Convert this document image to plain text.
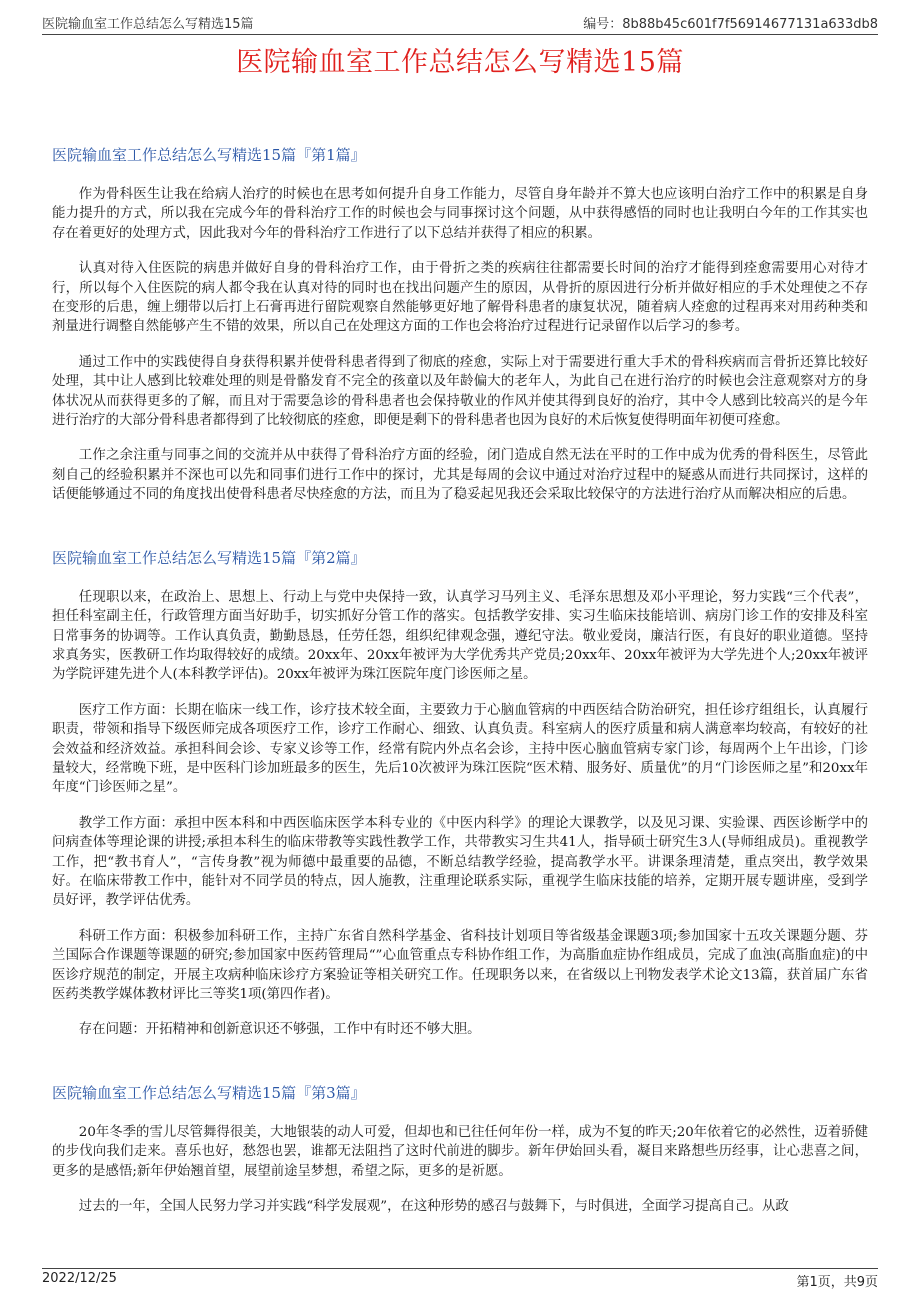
医院输血室工作总结怎么写精选15篇	编号：8b88b45c601f7f56914677131a633db8
医院输血室工作总结怎么写精选15篇
医院输血室工作总结怎么写精选15篇『第1篇』

作为骨科医生让我在给病人治疗的时候也在思考如何提升自身工作能力，尽管自身年龄并不算大也应该明白治疗工作中的积累是自身能力提升的方式，所以我在完成今年的骨科治疗工作的时候也会与同事探讨这个问题，从中获得感悟的同时也让我明白今年的工作其实也存在着更好的处理方式，因此我对今年的骨科治疗工作进行了以下总结并获得了相应的积累。

认真对待入住医院的病患并做好自身的骨科治疗工作，由于骨折之类的疾病往往都需要长时间的治疗才能得到痊愈需要用心对待才行，所以每个入住医院的病人都令我在认真对待的同时也在找出问题产生的原因，从骨折的原因进行分析并做好相应的手术处理使之不存在变形的后患，缠上绷带以后打上石膏再进行留院观察自然能够更好地了解骨科患者的康复状况，随着病人痊愈的过程再来对用药种类和剂量进行调整自然能够产生不错的效果，所以自己在处理这方面的工作也会将治疗过程进行记录留作以后学习的参考。

通过工作中的实践使得自身获得积累并使骨科患者得到了彻底的痊愈，实际上对于需要进行重大手术的骨科疾病而言骨折还算比较好处理，其中让人感到比较难处理的则是骨骼发育不完全的孩童以及年龄偏大的老年人，为此自己在进行治疗的时候也会注意观察对方的身体状况从而获得更多的了解，而且对于需要急诊的骨科患者也会保持敬业的作风并使其得到良好的治疗，其中令人感到比较高兴的是今年进行治疗的大部分骨科患者都得到了比较彻底的痊愈，即便是剩下的骨科患者也因为良好的术后恢复使得明面年初便可痊愈。

工作之余注重与同事之间的交流并从中获得了骨科治疗方面的经验，闭门造成自然无法在平时的工作中成为优秀的骨科医生，尽管此刻自己的经验积累并不深也可以先和同事们进行工作中的探讨，尤其是每周的会议中通过对治疗过程中的疑惑从而进行共同探讨，这样的话便能够通过不同的角度找出使骨科患者尽快痊愈的方法，而且为了稳妥起见我还会采取比较保守的方法进行治疗从而解决相应的后患。

医院输血室工作总结怎么写精选15篇『第2篇』

任现职以来，在政治上、思想上、行动上与党中央保持一致，认真学习马列主义、毛泽东思想及邓小平理论，努力实践“三个代表”，担任科室副主任，行政管理方面当好助手，切实抓好分管工作的落实。包括教学安排、实习生临床技能培训、病房门诊工作的安排及科室日常事务的协调等。工作认真负责，勤勤恳恳，任劳任怨，组织纪律观念强，遵纪守法。敬业爱岗，廉洁行医，有良好的职业道德。坚持求真务实，医教研工作均取得较好的成绩。20xx年、20xx年被评为大学优秀共产党员;20xx年、20xx年被评为大学先进个人;20xx年被评为学院评建先进个人(本科教学评估)。20xx年被评为珠江医院年度门诊医师之星。

医疗工作方面：长期在临床一线工作，诊疗技术较全面，主要致力于心脑血管病的中西医结合防治研究，担任诊疗组组长，认真履行职责，带领和指导下级医师完成各项医疗工作，诊疗工作耐心、细致、认真负责。科室病人的医疗质量和病人满意率均较高，有较好的社会效益和经济效益。承担科间会诊、专家义诊等工作，经常有院内外点名会诊，主持中医心脑血管病专家门诊，每周两个上午出诊，门诊量较大，经常晚下班，是中医科门诊加班最多的医生，先后10次被评为珠江医院“医术精、服务好、质量优”的月“门诊医师之星”和20xx年年度“门诊医师之星”。

教学工作方面：承担中医本科和中西医临床医学本科专业的《中医内科学》的理论大课教学，以及见习课、实验课、西医诊断学中的问病查体等理论课的讲授;承担本科生的临床带教等实践性教学工作，共带教实习生共41人，指导硕士研究生3人(导师组成员)。重视教学工作，把“教书育人”，“言传身教”视为师德中最重要的品德，不断总结教学经验，提高教学水平。讲课条理清楚，重点突出，教学效果好。在临床带教工作中，能针对不同学员的特点，因人施教，注重理论联系实际，重视学生临床技能的培养，定期开展专题讲座，受到学员好评，教学评估优秀。

科研工作方面：积极参加科研工作，主持广东省自然科学基金、省科技计划项目等省级基金课题3项;参加国家十五攻关课题分题、芬兰国际合作课题等课题的研究;参加国家中医药管理局“”心血管重点专科协作组工作，为高脂血症协作组成员，完成了血浊(高脂血症)的中医诊疗规范的制定，开展主攻病种临床诊疗方案验证等相关研究工作。任现职务以来，在省级以上刊物发表学术论文13篇，获首届广东省医药类教学媒体教材评比三等奖1项(第四作者)。

存在问题：开拓精神和创新意识还不够强，工作中有时还不够大胆。

医院输血室工作总结怎么写精选15篇『第3篇』

20年冬季的雪儿尽管舞得很美，大地银装的动人可爱，但却也和已往任何年份一样，成为不复的昨天;20年依着它的必然性，迈着骄健的步伐向我们走来。喜乐也好，愁怨也罢，谁都无法阻挡了这时代前进的脚步。新年伊始回头看，凝目来路想些历经事，让心悲喜之间，更多的是感悟;新年伊始翘首望，展望前途呈梦想，希望之际，更多的是祈愿。

过去的一年，全国人民努力学习并实践“科学发展观”，在这种形势的感召与鼓舞下，与时俱进，全面学习提高自己。从政

2022/12/25	第1页，共9页
